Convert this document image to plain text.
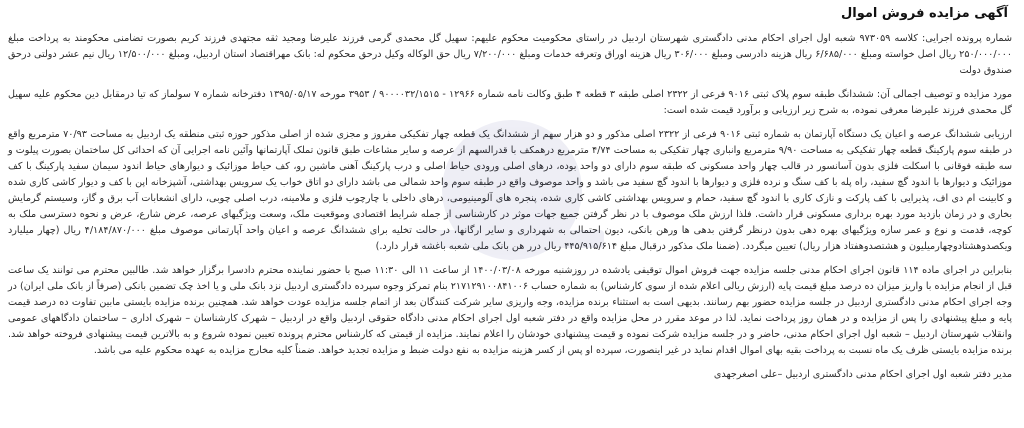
آگهی مزایده فروش اموال

شماره پرونده اجرایی: کلاسه ۹۷۳۰۵۹ شعبه اول اجرای احکام مدنی دادگستری شهرستان اردبیل در راستای محکومیت محکوم علیهم: سهیل گل محمدی گرمی فرزند علیرضا ومجید ثقه مجتهدی فرزند کریم بصورت تضامنی محکومند به پرداخت مبلغ ۲۵۰/۰۰۰/۰۰۰ ریال اصل خواسته ومبلغ ۶/۶۸۵/۰۰۰ ریال هزینه دادرسی ومبلغ ۳۰۶/۰۰۰ ریال هزینه اوراق وتعرفه خدمات ومبلغ ۷/۲۰۰/۰۰۰ ریال حق الوکاله وکیل درحق محکوم له: بانک مهراقتصاد استان اردبیل، ومبلغ ۱۲/۵۰۰/۰۰۰ ریال نیم عشر دولتی درحق صندوق دولت

مورد مزایده و توصیف اجمالی آن: ششدانگ طبقه سوم پلاک ثبتی ۹۰۱۶ فرعی از ۲۳۲۲ اصلی طبقه ۳ قطعه ۴ طبق وکالت نامه شماره ۱۲۹۶۶ - ۹۰۰۰۰۳۲/۱۵۱۵ / ۳۹۵۳ مورخه ۱۳۹۵/۰۵/۱۷ دفترخانه شماره ۷ سولماز که تیا درمقابل دین محکوم علیه سهیل گل محمدی فرزند علیرضا معرفی نموده، به شرح زیر ارزیابی و برآورد قیمت شده است:

ارزیابی ششدانگ عرصه و اعیان یک دستگاه آپارتمان به شماره ثبتی ۹۰۱۶ فرعی از ۲۳۲۲ اصلی مذکور و دو هزار سهم از ششدانگ یک قطعه چهار تفکیکی مفروز و مجزی شده از اصلی مذکور حوزه ثبتی منطقه یک اردبیل به مساحت ۷۰/۹۳ مترمربع واقع در طبقه سوم پارکینگ قطعه چهار تفکیکی به مساحت ۹/۹۰ مترمربع وانباری چهار تفکیکی به مساحت ۴/۷۴ مترمربع درهمکف با قدرالسهم از عرصه و سایر مشاعات طبق قانون تملک آپارتمانها وآئین نامه اجرایی آن که احداثی کل ساختمان بصورت پیلوت و سه طبقه فوقانی با اسکلت فلزی بدون آسانسور در قالب چهار واحد مسکونی که طبقه سوم دارای دو واحد بوده، درهای اصلی ورودی حیاط اصلی و درب پارکینگ آهنی ماشین رو، کف حیاط موزائیک و دیوارهای حیاط اندود سیمان سفید پارکینگ با کف موزائیک و دیوارها با اندود گچ سفید، راه پله با کف سنگ و نرده فلزی و دیوارها با اندود گچ سفید می باشد و واحد موصوف واقع در طبقه سوم واحد شمالی می باشد دارای دو اتاق خواب یک سرویس بهداشتی، آشپزخانه اپن با کف و دیوار کاشی کاری شده و کابینت ام دی اف، پذیرایی با کف پارکت و نازک کاری با اندود گچ سفید، حمام و سرویس بهداشتی کاشی کاری شده، پنجره های آلومینیومی، درهای داخلی با چارچوب فلزی و ملامینه، درب اصلی چوبی، دارای انشعابات آب برق و گاز، وسیستم گرمایش بخاری و در زمان بازدید مورد بهره برداری مسکونی قرار داشت. فلذا ارزش ملک موصوف با در نظر گرفتن جمیع جهات موثر در کارشناسی از جمله شرایط اقتصادی وموقعیت ملک، وسعت ویژگیهای عرصه، عرض شارع، عرض و نحوه دسترسی ملک به کوچه، قدمت و نوع و عمر سازه ویژگیهای بهره دهی بدون درنظر گرفتن بدهی ها ورهن بانکی، دیون احتمالی به شهرداری و سایر ارگانها، در حالت تخلیه برای ششدانگ عرصه و اعیان واحد آپارتمانی موصوف مبلغ ۴/۱۸۴/۸۷۰/۰۰۰ ریال (چهار میلیارد ویکصدوهشتادوچهارمیلیون و هشتصدوهفتاد هزار ریال) تعیین میگردد. (ضمنا ملک مذکور درقبال مبلغ ۴۴۵/۹۱۵/۶۱۴ ریال درر هن بانک ملی شعبه باغشه قرار دارد.)

بنابراین در اجرای ماده ۱۱۴ قانون اجرای احکام مدنی جلسه مزایده جهت فروش اموال توقیفی یادشده در روزشنبه مورخه ۱۴۰۰/۰۳/۰۸ از ساعت ۱۱ الی ۱۱:۳۰ صبح با حضور نماینده محترم دادسرا برگزار خواهد شد. طالبین محترم می توانند یک ساعت قبل از انجام مزایده با واریز میزان ده درصد مبلغ قیمت پایه (ارزش ریالی اعلام شده از سوی کارشناس) به شماره حساب ۲۱۷۱۲۹۱۰۰۸۴۱۰۰۶ بنام تمرکز وجوه سپرده دادگستری اردبیل نزد بانک ملی و یا اخذ چک تضمین بانکی (صرفاً از بانک ملی ایران) در وجه اجرای احکام مدنی دادگستری اردبیل در جلسه مزایده حضور بهم رسانند. بدیهی است به استثناء برنده مزایده، وجه واریزی سایر شرکت کنندگان بعد از اتمام جلسه مزایده عودت خواهد شد. همچنین برنده مزایده بایستی مابین تفاوت ده درصد قیمت پایه و مبلغ پیشنهادی را پس از مزایده و در همان روز پرداخت نماید. لذا در موعد مقرر در محل مزایده واقع در دفتر شعبه اول اجرای احکام مدنی دادگاه حقوقی اردبیل واقع در اردبیل – شهرک کارشناسان – شهرک اداری – ساختمان دادگاههای عمومی وانقلاب شهرستان اردبیل – شعبه اول اجرای احکام مدنی، حاضر و در جلسه مزایده شرکت نموده و قیمت پیشنهادی خودشان را اعلام نمایند. مزایده از قیمتی که کارشناس محترم پرونده تعیین نموده شروع و به بالاترین قیمت پیشنهادی فروخته خواهد شد. برنده مزایده بایستی ظرف یک ماه نسبت به پرداخت بقیه بهای اموال اقدام نماید در غیر اینصورت، سپرده او پس از کسر هزینه مزایده به نفع دولت ضبط و مزایده تجدید خواهد. ضمناً کلیه مخارج مزایده به عهده محکوم علیه می باشد.

مدیر دفتر شعبه اول اجرای احکام مدنی دادگستری اردبیل –علی اصغرجهدی
